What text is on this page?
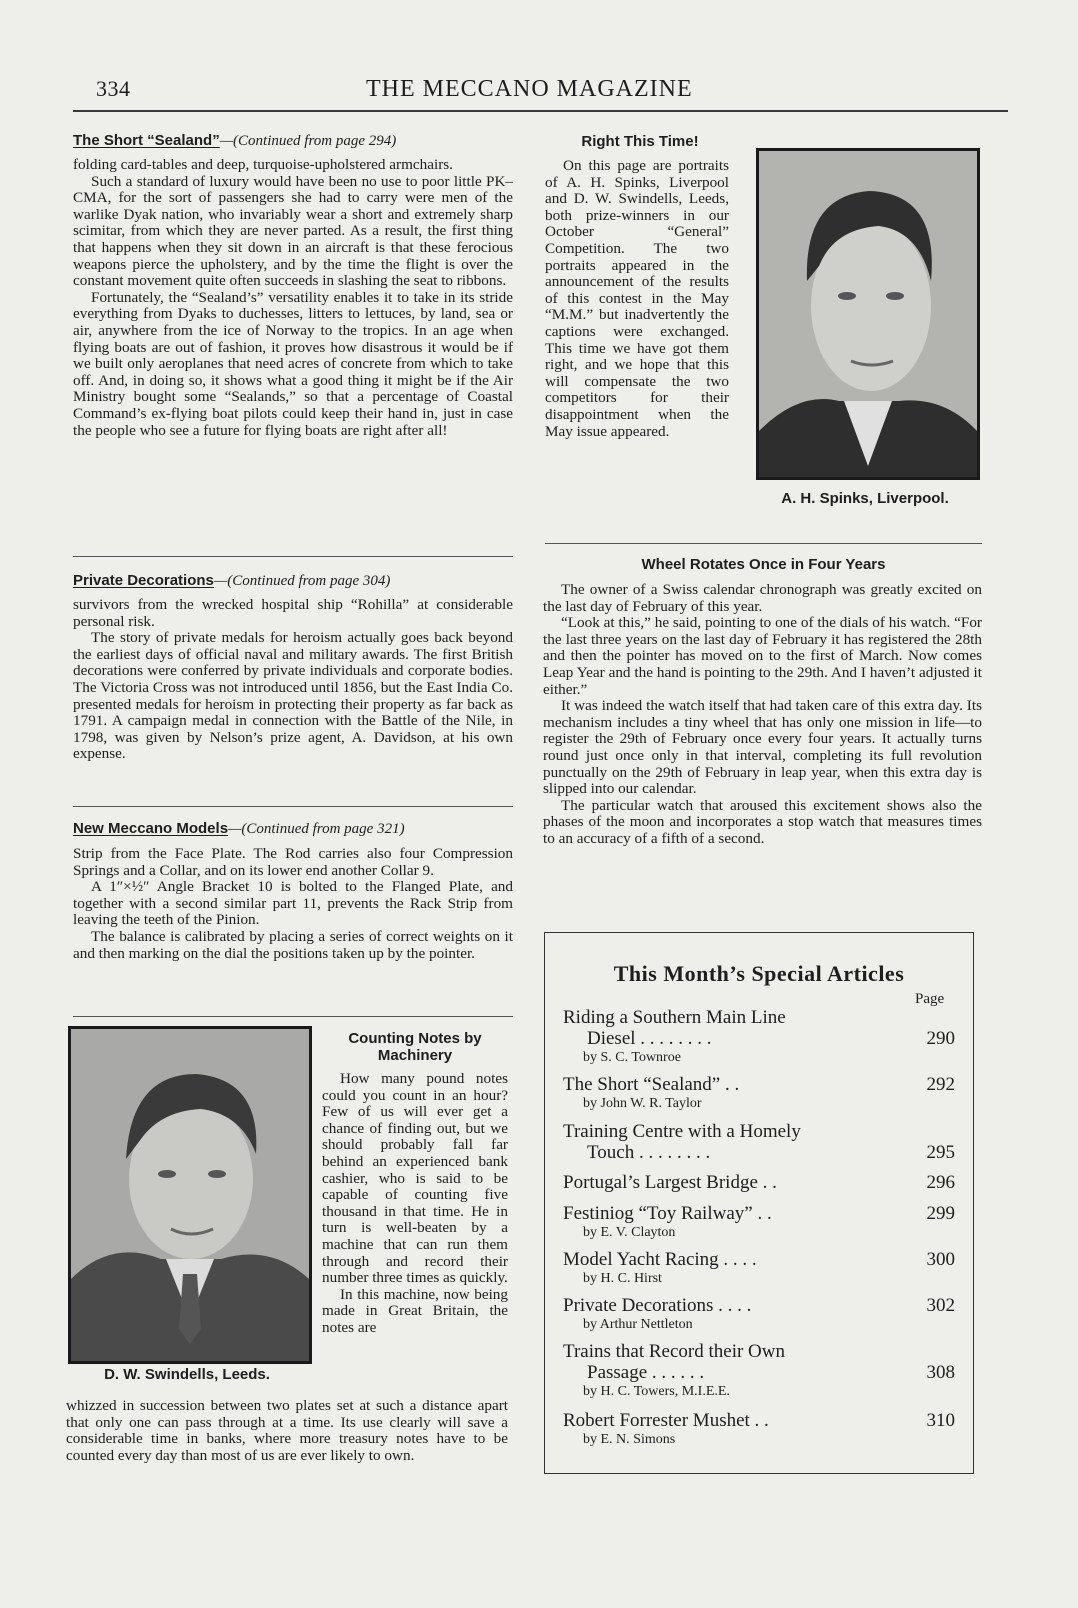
334	THE MECCANO MAGAZINE
The Short “Sealand”—(Continued from page 294)

folding card-tables and deep, turquoise-upholstered armchairs.

Such a standard of luxury would have been no use to poor little PK–CMA, for the sort of passengers she had to carry were men of the warlike Dyak nation, who invariably wear a short and extremely sharp scimitar, from which they are never parted. As a result, the first thing that happens when they sit down in an aircraft is that these ferocious weapons pierce the upholstery, and by the time the flight is over the constant movement quite often succeeds in slashing the seat to ribbons.

Fortunately, the “Sealand’s” versatility enables it to take in its stride everything from Dyaks to duchesses, litters to lettuces, by land, sea or air, anywhere from the ice of Norway to the tropics. In an age when flying boats are out of fashion, it proves how disastrous it would be if we built only aeroplanes that need acres of concrete from which to take off. And, in doing so, it shows what a good thing it might be if the Air Ministry bought some “Sealands,” so that a percentage of Coastal Command’s ex-flying boat pilots could keep their hand in, just in case the people who see a future for flying boats are right after all!

Private Decorations—(Continued from page 304)

survivors from the wrecked hospital ship “Rohilla” at considerable personal risk.

The story of private medals for heroism actually goes back beyond the earliest days of official naval and military awards. The first British decorations were conferred by private individuals and corporate bodies. The Victoria Cross was not introduced until 1856, but the East India Co. presented medals for heroism in protecting their property as far back as 1791. A campaign medal in connection with the Battle of the Nile, in 1798, was given by Nelson’s prize agent, A. Davidson, at his own expense.

New Meccano Models—(Continued from page 321)

Strip from the Face Plate. The Rod carries also four Compression Springs and a Collar, and on its lower end another Collar 9.

A 1″×½″ Angle Bracket 10 is bolted to the Flanged Plate, and together with a second similar part 11, prevents the Rack Strip from leaving the teeth of the Pinion.

The balance is calibrated by placing a series of correct weights on it and then marking on the dial the positions taken up by the pointer.

D. W. Swindells, Leeds.
Counting Notes by Machinery

How many pound notes could you count in an hour? Few of us will ever get a chance of finding out, but we should probably fall far behind an experienced bank cashier, who is said to be capable of counting five thousand in that time. He in turn is well-beaten by a machine that can run them through and record their number three times as quickly.

In this machine, now being made in Great Britain, the notes are

whizzed in succession between two plates set at such a distance apart that only one can pass through at a time. Its use clearly will save a considerable time in banks, where more treasury notes have to be counted every day than most of us are ever likely to own.

Right This Time!

On this page are portraits of A. H. Spinks, Liverpool and D. W. Swindells, Leeds, both prize-winners in our October “General” Competition. The two portraits appeared in the announcement of the results of this contest in the May “M.M.” but inadvertently the captions were exchanged. This time we have got them right, and we hope that this will compensate the two competitors for their disappointment when the May issue appeared.

A. H. Spinks, Liverpool.
Wheel Rotates Once in Four Years

The owner of a Swiss calendar chronograph was greatly excited on the last day of February of this year.

“Look at this,” he said, pointing to one of the dials of his watch. “For the last three years on the last day of February it has registered the 28th and then the pointer has moved on to the first of March. Now comes Leap Year and the hand is pointing to the 29th. And I haven’t adjusted it either.”

It was indeed the watch itself that had taken care of this extra day. Its mechanism includes a tiny wheel that has only one mission in life—to register the 29th of February once every four years. It actually turns round just once only in that interval, completing its full revolution punctually on the 29th of February in leap year, when this extra day is slipped into our calendar.

The particular watch that aroused this excitement shows also the phases of the moon and incorporates a stop watch that measures times to an accuracy of a fifth of a second.

This Month’s Special Articles
Page
Riding a Southern Main Line
Diesel . . . . . . . .	290
by S. C. Townroe
The Short “Sealand” . .	292
by John W. R. Taylor
Training Centre with a Homely
Touch . . . . . . . .	295
Portugal’s Largest Bridge . .	296
Festiniog “Toy Railway” . .	299
by E. V. Clayton
Model Yacht Racing . . . .	300
by H. C. Hirst
Private Decorations . . . .	302
by Arthur Nettleton
Trains that Record their Own
Passage . . . . . .	308
by H. C. Towers, M.I.E.E.
Robert Forrester Mushet . .	310
by E. N. Simons
